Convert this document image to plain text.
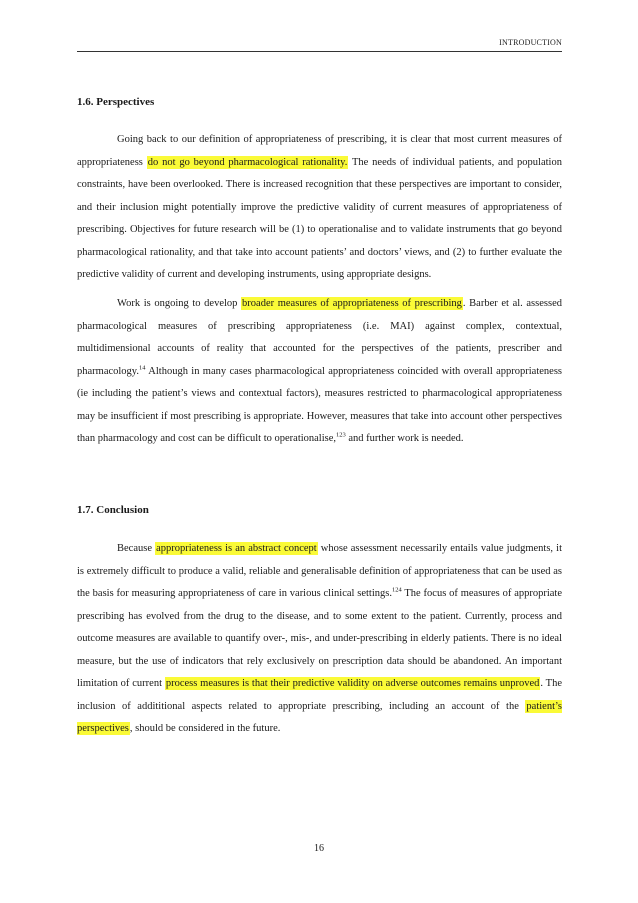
INTRODUCTION
1.6. Perspectives

Going back to our definition of appropriateness of prescribing, it is clear that most current measures of appropriateness do not go beyond pharmacological rationality. The needs of individual patients, and population constraints, have been overlooked. There is increased recognition that these perspectives are important to consider, and their inclusion might potentially improve the predictive validity of current measures of appropriateness of prescribing. Objectives for future research will be (1) to operationalise and to validate instruments that go beyond pharmacological rationality, and that take into account patients’ and doctors’ views, and (2) to further evaluate the predictive validity of current and developing instruments, using appropriate designs.

Work is ongoing to develop broader measures of appropriateness of prescribing. Barber et al. assessed pharmacological measures of prescribing appropriateness (i.e. MAI) against complex, contextual, multidimensional accounts of reality that accounted for the perspectives of the patients, prescriber and pharmacology.$^{14}$ Although in many cases pharmacological appropriateness coincided with overall appropriateness (ie including the patient’s views and contextual factors), measures restricted to pharmacological appropriateness may be insufficient if most prescribing is appropriate. However, measures that take into account other perspectives than pharmacology and cost can be difficult to operationalise,$^{123}$ and further work is needed.

1.7. Conclusion

Because appropriateness is an abstract concept whose assessment necessarily entails value judgments, it is extremely difficult to produce a valid, reliable and generalisable definition of appropriateness that can be used as the basis for measuring appropriateness of care in various clinical settings.$^{124}$ The focus of measures of appropriate prescribing has evolved from the drug to the disease, and to some extent to the patient. Currently, process and outcome measures are available to quantify over-, mis-, and under-prescribing in elderly patients. There is no ideal measure, but the use of indicators that rely exclusively on prescription data should be abandoned. An important limitation of current process measures is that their predictive validity on adverse outcomes remains unproved. The inclusion of addititional aspects related to appropriate prescribing, including an account of the patient’s perspectives, should be considered in the future.

16
